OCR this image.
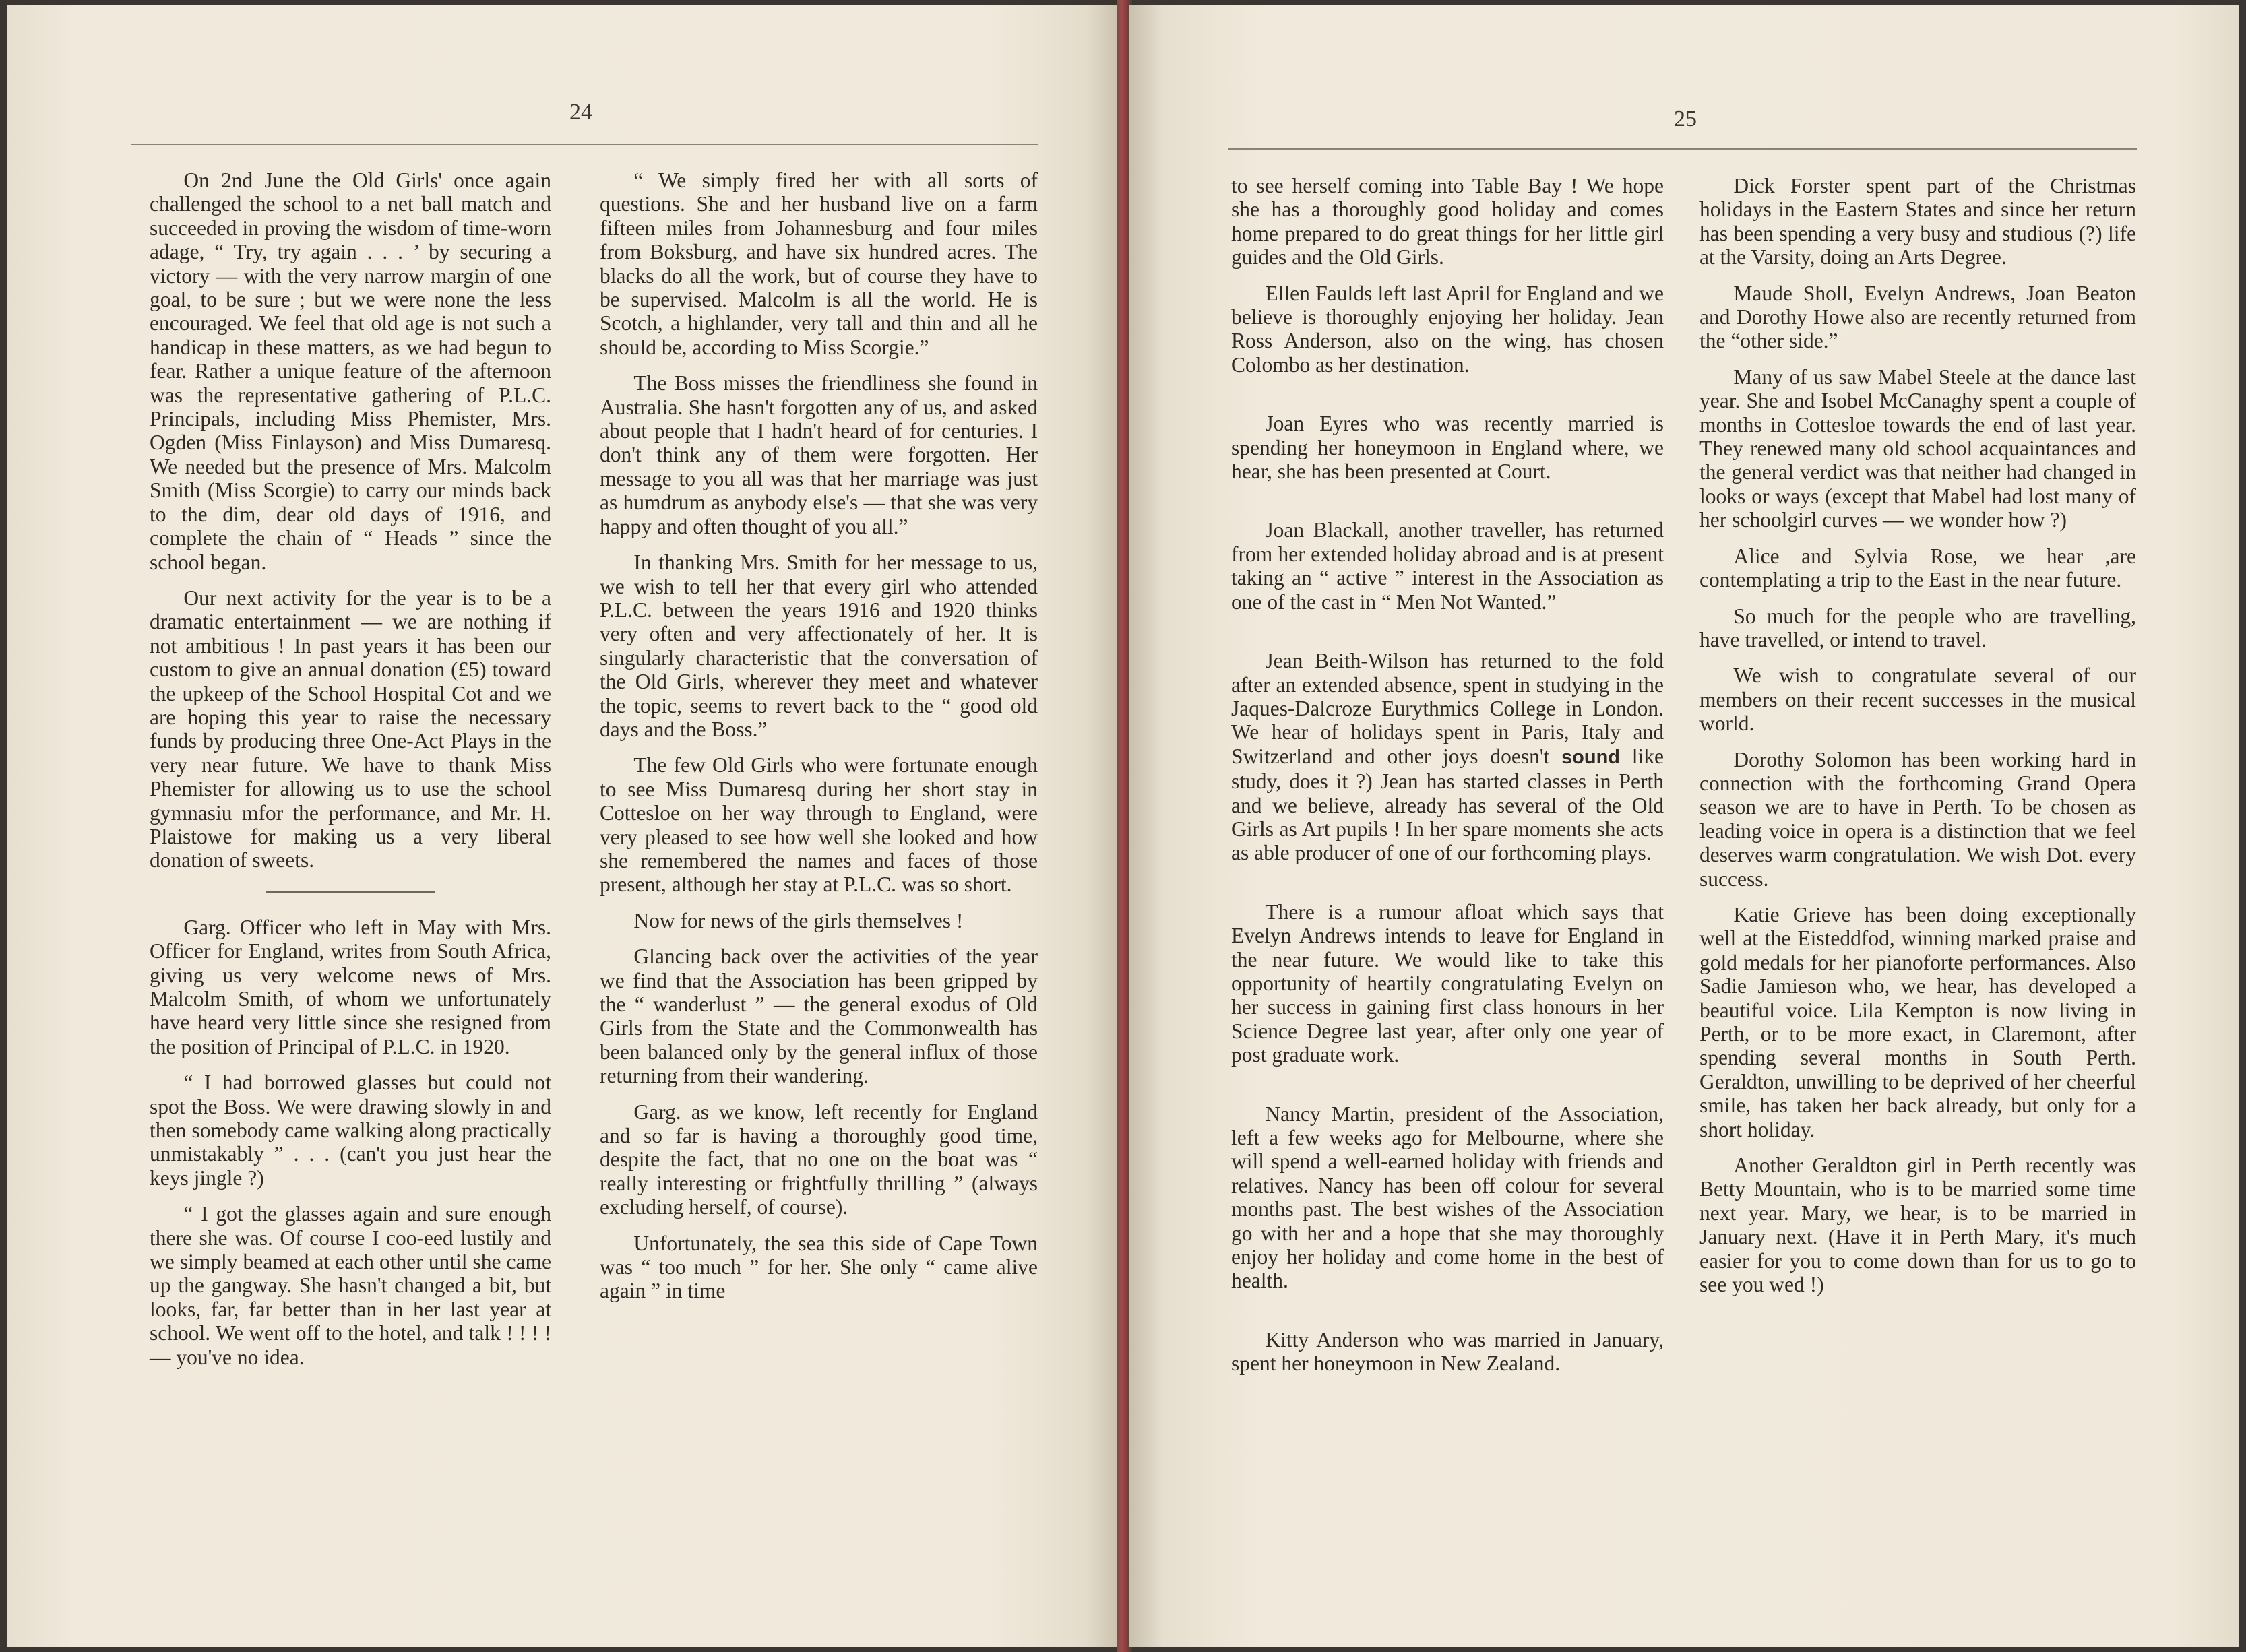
24	25

On 2nd June the Old Girls' once again challenged the school to a net ball match and succeeded in proving the wisdom of time-worn adage, “ Try, try again . . . ’ by securing a victory — with the very narrow margin of one goal, to be sure ; but we were none the less encouraged. We feel that old age is not such a handicap in these matters, as we had begun to fear. Rather a unique feature of the afternoon was the representative gathering of P.L.C. Principals, including Miss Phemister, Mrs. Ogden (Miss Finlayson) and Miss Dumaresq. We needed but the presence of Mrs. Malcolm Smith (Miss Scorgie) to carry our minds back to the dim, dear old days of 1916, and complete the chain of “ Heads ” since the school began.

Our next activity for the year is to be a dramatic entertainment — we are nothing if not ambitious ! In past years it has been our custom to give an annual donation (£5) toward the upkeep of the School Hospital Cot and we are hoping this year to raise the necessary funds by producing three One-Act Plays in the very near future. We have to thank Miss Phemister for allowing us to use the school gymnasiu mfor the performance, and Mr. H. Plaistowe for making us a very liberal donation of sweets.

Garg. Officer who left in May with Mrs. Officer for England, writes from South Africa, giving us very welcome news of Mrs. Malcolm Smith, of whom we unfortunately have heard very little since she resigned from the position of Principal of P.L.C. in 1920.

“ I had borrowed glasses but could not spot the Boss. We were drawing slowly in and then somebody came walking along practically unmistakably ” . . . (can't you just hear the keys jingle ?)

“ I got the glasses again and sure enough there she was. Of course I coo-eed lustily and we simply beamed at each other until she came up the gangway. She hasn't changed a bit, but looks, far, far better than in her last year at school. We went off to the hotel, and talk ! ! ! ! — you've no idea.

“ We simply fired her with all sorts of questions. She and her husband live on a farm fifteen miles from Johannesburg and four miles from Boksburg, and have six hundred acres. The blacks do all the work, but of course they have to be supervised. Malcolm is all the world. He is Scotch, a highlander, very tall and thin and all he should be, according to Miss Scorgie.”

The Boss misses the friendliness she found in Australia. She hasn't forgotten any of us, and asked about people that I hadn't heard of for centuries. I don't think any of them were forgotten. Her message to you all was that her marriage was just as humdrum as anybody else's — that she was very happy and often thought of you all.”

In thanking Mrs. Smith for her message to us, we wish to tell her that every girl who attended P.L.C. between the years 1916 and 1920 thinks very often and very affectionately of her. It is singularly characteristic that the conversation of the Old Girls, wherever they meet and whatever the topic, seems to revert back to the “ good old days and the Boss.”

The few Old Girls who were fortunate enough to see Miss Dumaresq during her short stay in Cottesloe on her way through to England, were very pleased to see how well she looked and how she remembered the names and faces of those present, although her stay at P.L.C. was so short.

Now for news of the girls themselves !

Glancing back over the activities of the year we find that the Association has been gripped by the “ wanderlust ” — the general exodus of Old Girls from the State and the Commonwealth has been balanced only by the general influx of those returning from their wandering.

Garg. as we know, left recently for England and so far is having a thoroughly good time, despite the fact, that no one on the boat was “ really interesting or frightfully thrilling ” (always excluding herself, of course).

Unfortunately, the sea this side of Cape Town was “ too much ” for her. She only “ came alive again ” in time

to see herself coming into Table Bay ! We hope she has a thoroughly good holiday and comes home prepared to do great things for her little girl guides and the Old Girls.

Ellen Faulds left last April for England and we believe is thoroughly enjoying her holiday. Jean Ross Anderson, also on the wing, has chosen Colombo as her destination.

Joan Eyres who was recently married is spending her honeymoon in England where, we hear, she has been presented at Court.

Joan Blackall, another traveller, has returned from her extended holiday abroad and is at present taking an “ active ” interest in the Association as one of the cast in “ Men Not Wanted.”

Jean Beith-Wilson has returned to the fold after an extended absence, spent in studying in the Jaques-Dalcroze Eurythmics College in London. We hear of holidays spent in Paris, Italy and Switzerland and other joys doesn't sound like study, does it ?) Jean has started classes in Perth and we believe, already has several of the Old Girls as Art pupils ! In her spare moments she acts as able producer of one of our forthcoming plays.

There is a rumour afloat which says that Evelyn Andrews intends to leave for England in the near future. We would like to take this opportunity of heartily congratulating Evelyn on her success in gaining first class honours in her Science Degree last year, after only one year of post graduate work.

Nancy Martin, president of the Association, left a few weeks ago for Melbourne, where she will spend a well-earned holiday with friends and relatives. Nancy has been off colour for several months past. The best wishes of the Association go with her and a hope that she may thoroughly enjoy her holiday and come home in the best of health.

Kitty Anderson who was married in January, spent her honeymoon in New Zealand.

Dick Forster spent part of the Christmas holidays in the Eastern States and since her return has been spending a very busy and studious (?) life at the Varsity, doing an Arts Degree.

Maude Sholl, Evelyn Andrews, Joan Beaton and Dorothy Howe also are recently returned from the “other side.”

Many of us saw Mabel Steele at the dance last year. She and Isobel McCanaghy spent a couple of months in Cottesloe towards the end of last year. They renewed many old school acquaintances and the general verdict was that neither had changed in looks or ways (except that Mabel had lost many of her schoolgirl curves — we wonder how ?)

Alice and Sylvia Rose, we hear ,are contemplating a trip to the East in the near future.

So much for the people who are travelling, have travelled, or intend to travel.

We wish to congratulate several of our members on their recent successes in the musical world.

Dorothy Solomon has been working hard in connection with the forthcoming Grand Opera season we are to have in Perth. To be chosen as leading voice in opera is a distinction that we feel deserves warm congratulation. We wish Dot. every success.

Katie Grieve has been doing exceptionally well at the Eisteddfod, winning marked praise and gold medals for her pianoforte performances. Also Sadie Jamieson who, we hear, has developed a beautiful voice. Lila Kempton is now living in Perth, or to be more exact, in Claremont, after spending several months in South Perth. Geraldton, unwilling to be deprived of her cheerful smile, has taken her back already, but only for a short holiday.

Another Geraldton girl in Perth recently was Betty Mountain, who is to be married some time next year. Mary, we hear, is to be married in January next. (Have it in Perth Mary, it's much easier for you to come down than for us to go to see you wed !)
